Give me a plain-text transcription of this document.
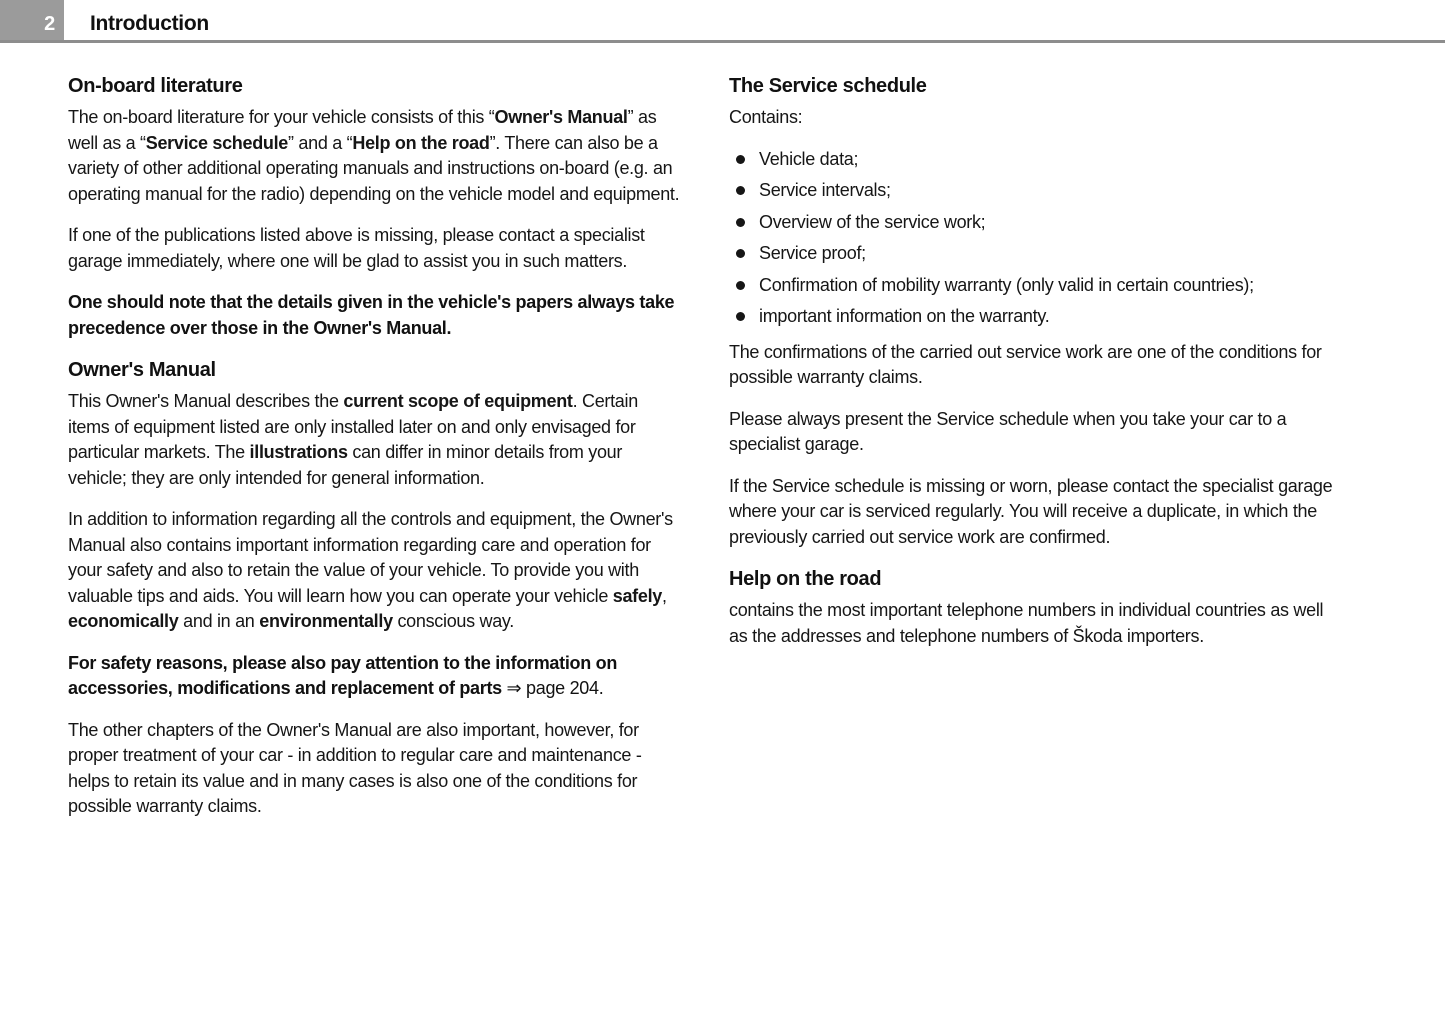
2	Introduction
On-board literature

The on-board literature for your vehicle consists of this “Owner's Manual” as well as a “Service schedule” and a “Help on the road”. There can also be a variety of other additional operating manuals and instructions on-board (e.g. an operating manual for the radio) depending on the vehicle model and equipment.

If one of the publications listed above is missing, please contact a specialist garage immediately, where one will be glad to assist you in such matters.

One should note that the details given in the vehicle's papers always take precedence over those in the Owner's Manual.

Owner's Manual

This Owner's Manual describes the current scope of equipment. Certain items of equipment listed are only installed later on and only envisaged for particular markets. The illustrations can differ in minor details from your vehicle; they are only intended for general information.

In addition to information regarding all the controls and equipment, the Owner's Manual also contains important information regarding care and operation for your safety and also to retain the value of your vehicle. To provide you with valuable tips and aids. You will learn how you can operate your vehicle safely, economically and in an environmentally conscious way.

For safety reasons, please also pay attention to the information on accessories, modifications and replacement of parts ⇒ page 204.

The other chapters of the Owner's Manual are also important, however, for proper treatment of your car - in addition to regular care and maintenance - helps to retain its value and in many cases is also one of the conditions for possible warranty claims.

The Service schedule

Contains:

Vehicle data;
Service intervals;
Overview of the service work;
Service proof;
Confirmation of mobility warranty (only valid in certain countries);
important information on the warranty.

The confirmations of the carried out service work are one of the conditions for possible warranty claims.

Please always present the Service schedule when you take your car to a specialist garage.

If the Service schedule is missing or worn, please contact the specialist garage where your car is serviced regularly. You will receive a duplicate, in which the previously carried out service work are confirmed.

Help on the road

contains the most important telephone numbers in individual countries as well as the addresses and telephone numbers of Škoda importers.
